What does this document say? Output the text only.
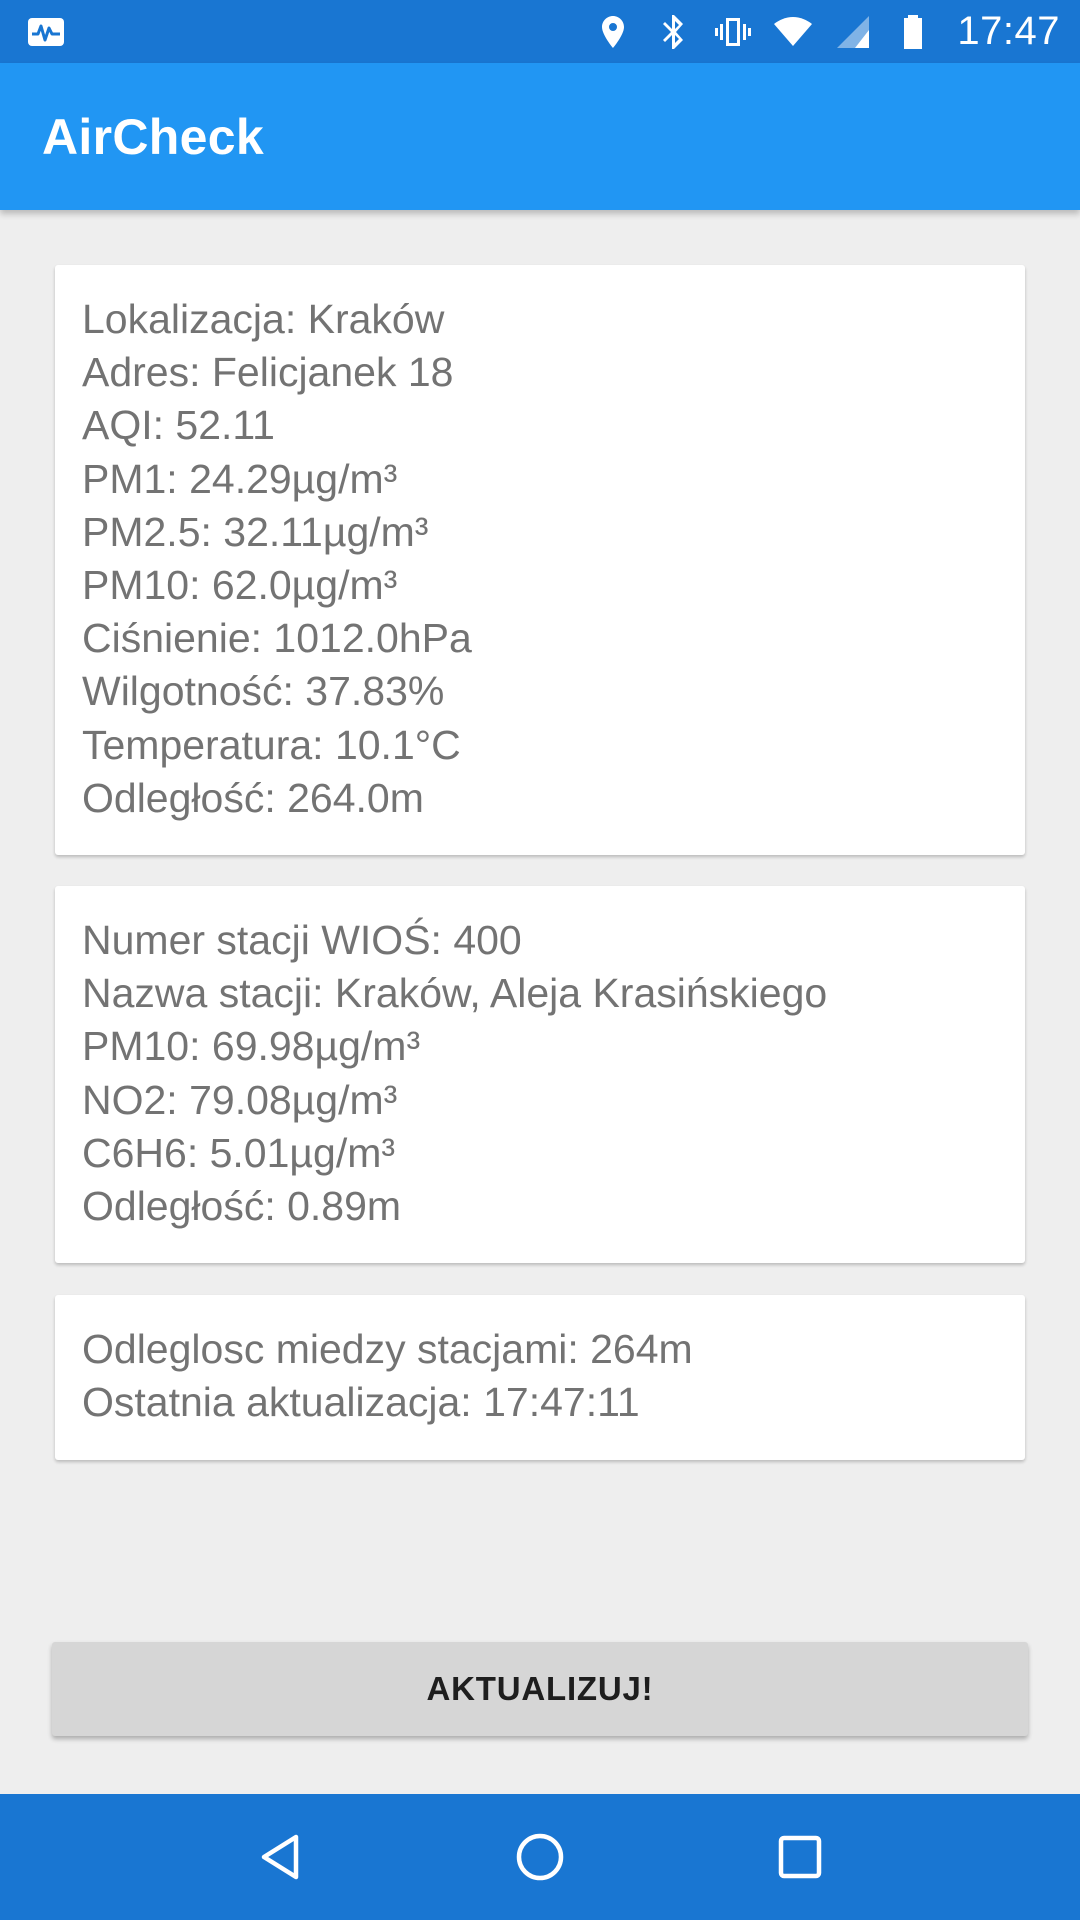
17:47
AirCheck
Lokalizacja: Kraków
Adres: Felicjanek 18
AQI: 52.11
PM1: 24.29µg/m³
PM2.5: 32.11µg/m³
PM10: 62.0µg/m³
Ciśnienie: 1012.0hPa
Wilgotność: 37.83%
Temperatura: 10.1°C
Odległość: 264.0m
Numer stacji WIOŚ: 400
Nazwa stacji: Kraków, Aleja Krasińskiego
PM10: 69.98µg/m³
NO2: 79.08µg/m³
C6H6: 5.01µg/m³
Odległość: 0.89m
Odleglosc miedzy stacjami: 264m
Ostatnia aktualizacja: 17:47:11
AKTUALIZUJ!
